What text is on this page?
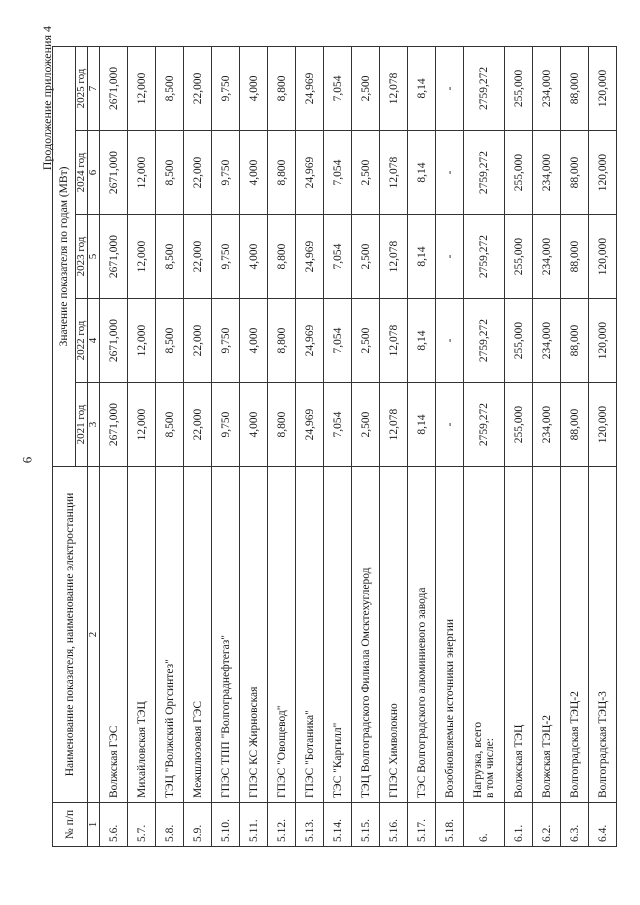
6
Продолжение приложения 4
№ п/п	Наименование показателя, наименование электростанции	Значение показателя по годам (МВт)				
		2021 год	2022 год	2023 год	2024 год	2025 год
1	2	3	4	5	6	7
5.6.	Волжская ГЭС	2671,000	2671,000	2671,000	2671,000	2671,000
5.7.	Михайловская ТЭЦ	12,000	12,000	12,000	12,000	12,000
5.8.	ТЭЦ "Волжский Оргсинтез"	8,500	8,500	8,500	8,500	8,500
5.9.	Межшлюзовая ГЭС	22,000	22,000	22,000	22,000	22,000
5.10.	ГПЭС ТПП "Волгограднефтегаз"	9,750	9,750	9,750	9,750	9,750
5.11.	ГПЭС КС Жирновская	4,000	4,000	4,000	4,000	4,000
5.12.	ГПЭС "Овощевод"	8,800	8,800	8,800	8,800	8,800
5.13.	ГПЭС "Ботаника"	24,969	24,969	24,969	24,969	24,969
5.14.	ТЭС "Каргилл"	7,054	7,054	7,054	7,054	7,054
5.15.	ТЭЦ Волгоградского Филиала Омсктехуглерод	2,500	2,500	2,500	2,500	2,500
5.16.	ГПЭС Химволокно	12,078	12,078	12,078	12,078	12,078
5.17.	ТЭС Волгоградского алюминиевого завода	8,14	8,14	8,14	8,14	8,14
5.18.	Возобновляемые источники энергии	-	-	-	-	-
6.	Нагрузка, всего в том числе:	2759,272	2759,272	2759,272	2759,272	2759,272
6.1.	Волжская ТЭЦ	255,000	255,000	255,000	255,000	255,000
6.2.	Волжская ТЭЦ-2	234,000	234,000	234,000	234,000	234,000
6.3.	Волгоградская ТЭЦ-2	88,000	88,000	88,000	88,000	88,000
6.4.	Волгоградская ТЭЦ-3	120,000	120,000	120,000	120,000	120,000
